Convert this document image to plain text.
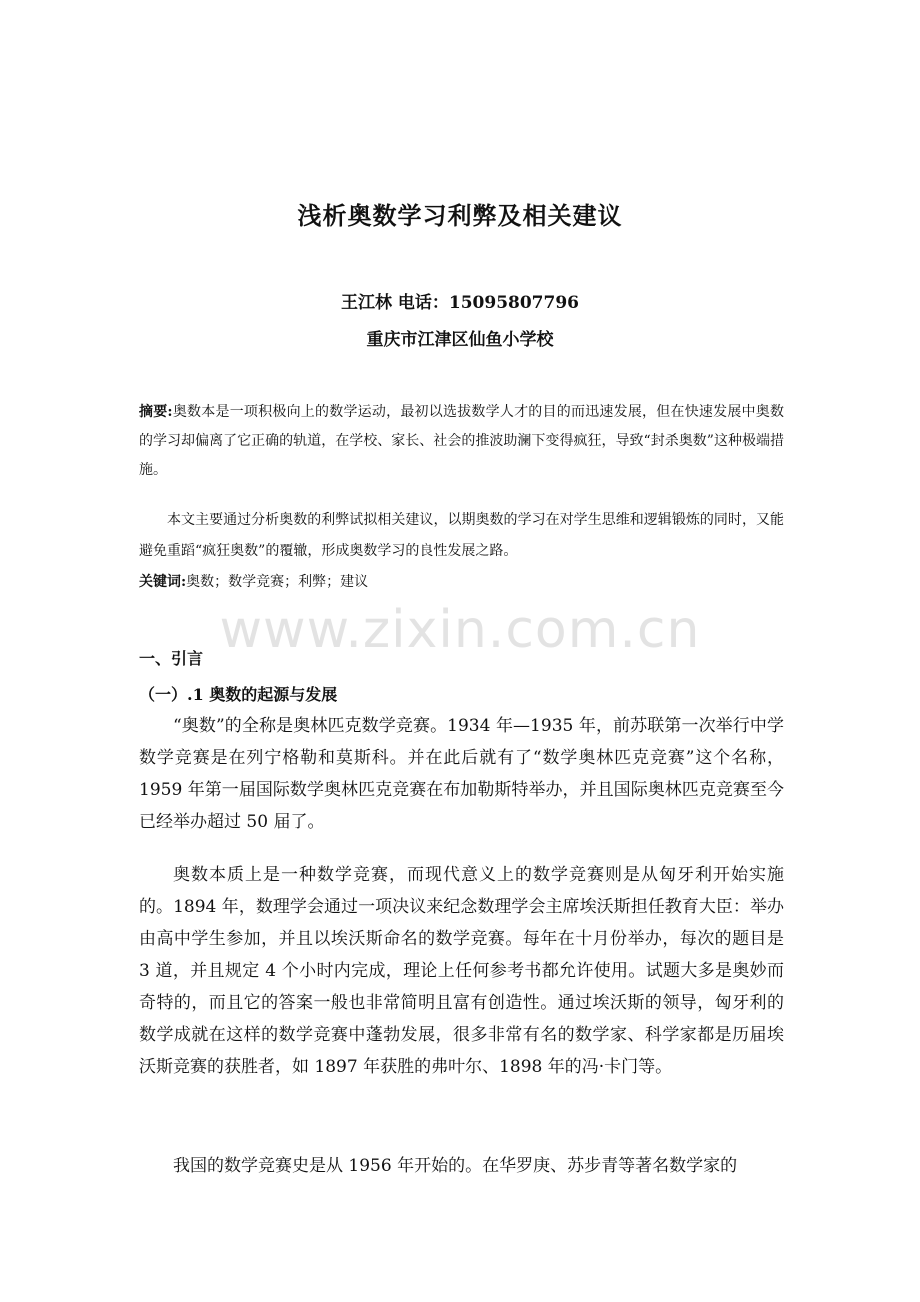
浅析奥数学习利弊及相关建议
王江林 电话：15095807796
重庆市江津区仙鱼小学校

摘要:奥数本是一项积极向上的数学运动，最初以选拔数学人才的目的而迅速发展，但在快速发展中奥数的学习却偏离了它正确的轨道，在学校、家长、社会的推波助澜下变得疯狂，导致“封杀奥数”这种极端措施。

本文主要通过分析奥数的利弊试拟相关建议，以期奥数的学习在对学生思维和逻辑锻炼的同时，又能避免重蹈“疯狂奥数”的覆辙，形成奥数学习的良性发展之路。

关键词:奥数；数学竞赛；利弊；建议
www.zixin.com.cn
一、引言
（一）.1 奥数的起源与发展

“奥数”的全称是奥林匹克数学竞赛。1934 年—1935 年，前苏联第一次举行中学数学竞赛是在列宁格勒和莫斯科。并在此后就有了“数学奥林匹克竞赛”这个名称，1959 年第一届国际数学奥林匹克竞赛在布加勒斯特举办，并且国际奥林匹克竞赛至今已经举办超过 50 届了。

奥数本质上是一种数学竞赛，而现代意义上的数学竞赛则是从匈牙利开始实施的。1894 年，数理学会通过一项决议来纪念数理学会主席埃沃斯担任教育大臣：举办由高中学生参加，并且以埃沃斯命名的数学竞赛。每年在十月份举办，每次的题目是 3 道，并且规定 4 个小时内完成，理论上任何参考书都允许使用。试题大多是奥妙而奇特的，而且它的答案一般也非常简明且富有创造性。通过埃沃斯的领导，匈牙利的数学成就在这样的数学竞赛中蓬勃发展，很多非常有名的数学家、科学家都是历届埃沃斯竞赛的获胜者，如 1897 年获胜的弗叶尔、1898 年的冯·卡门等。

我国的数学竞赛史是从 1956 年开始的。在华罗庚、苏步青等著名数学家的
